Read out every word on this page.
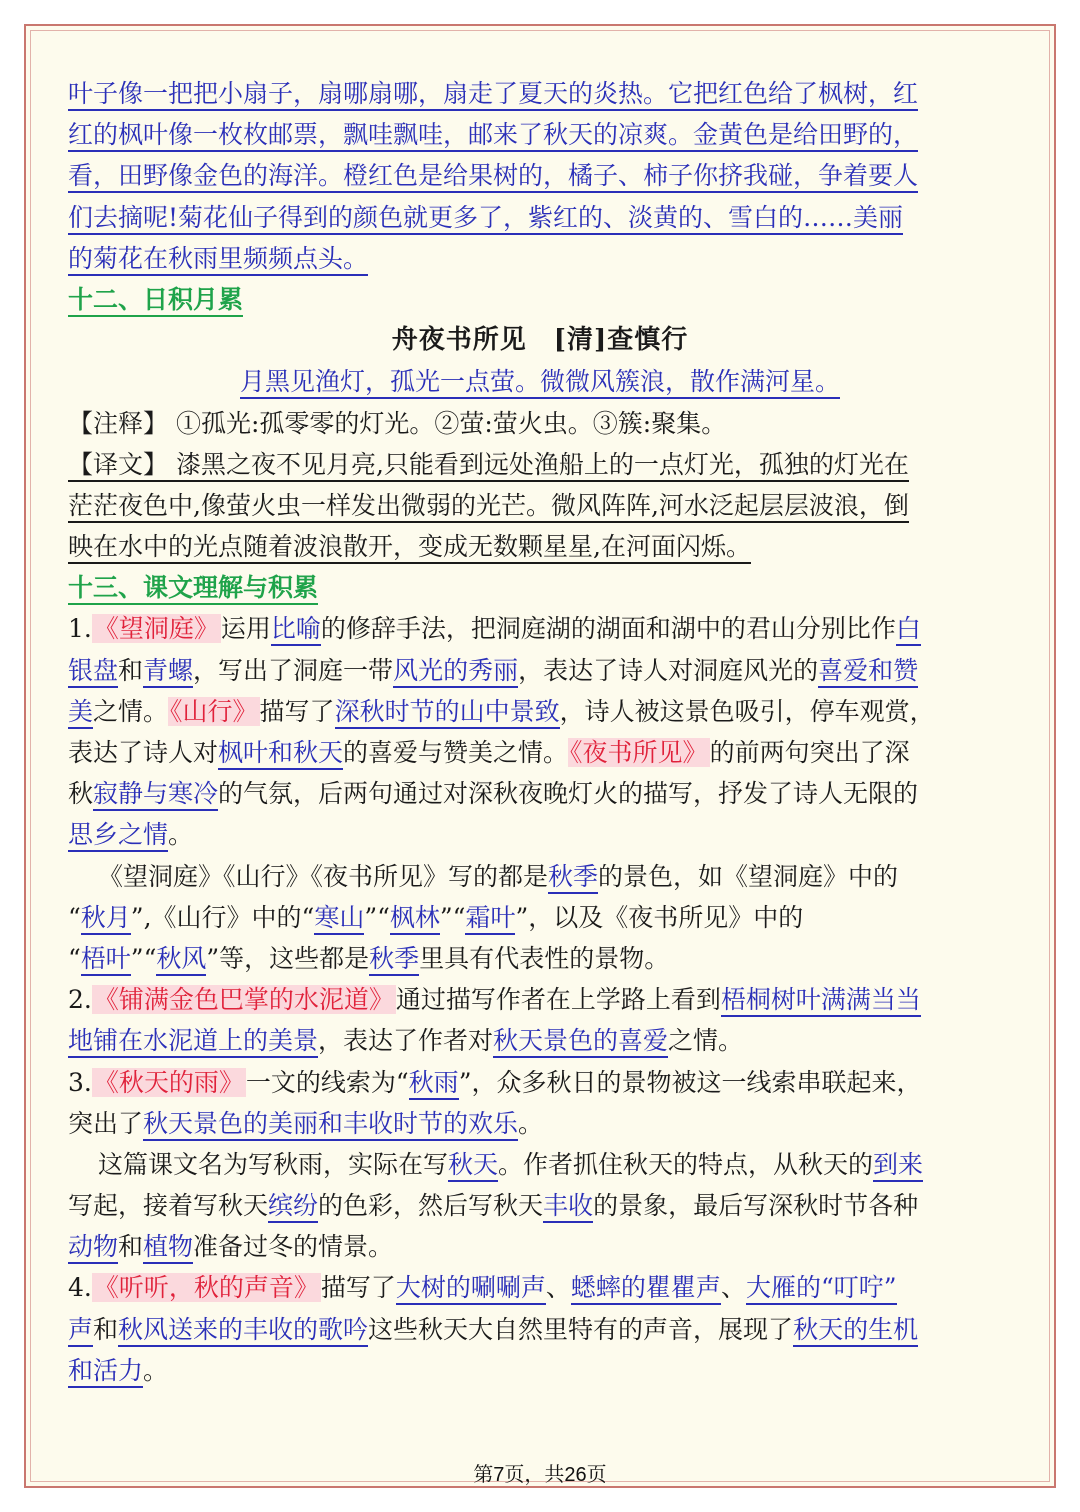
叶子像一把把小扇子，扇哪扇哪，扇走了夏天的炎热。它把红色给了枫树，红
红的枫叶像一枚枚邮票，飘哇飘哇，邮来了秋天的凉爽。金黄色是给田野的，
看，田野像金色的海洋。橙红色是给果树的，橘子、柿子你挤我碰，争着要人
们去摘呢!菊花仙子得到的颜色就更多了，紫红的、淡黄的、雪白的……美丽
的菊花在秋雨里频频点头。
十二、日积月累
舟夜书所见　[清]查慎行
月黑见渔灯，孤光一点萤。微微风簇浪，散作满河星。
【注释】 ①孤光:孤零零的灯光。②萤:萤火虫。③簇:聚集。
【译文】 漆黑之夜不见月亮,只能看到远处渔船上的一点灯光，孤独的灯光在
茫茫夜色中,像萤火虫一样发出微弱的光芒。微风阵阵,河水泛起层层波浪，倒
映在水中的光点随着波浪散开，变成无数颗星星,在河面闪烁。
十三、课文理解与积累
1.《望洞庭》运用比喻的修辞手法，把洞庭湖的湖面和湖中的君山分别比作白
银盘和青螺，写出了洞庭一带风光的秀丽，表达了诗人对洞庭风光的喜爱和赞
美之情。《山行》描写了深秋时节的山中景致，诗人被这景色吸引，停车观赏，
表达了诗人对枫叶和秋天的喜爱与赞美之情。《夜书所见》的前两句突出了深
秋寂静与寒冷的气氛，后两句通过对深秋夜晚灯火的描写，抒发了诗人无限的
思乡之情。
《望洞庭》《山行》《夜书所见》写的都是秋季的景色，如《望洞庭》中的
“秋月”,《山行》中的“寒山”“枫林”“霜叶”，以及《夜书所见》中的
“梧叶”“秋风”等，这些都是秋季里具有代表性的景物。
2.《铺满金色巴掌的水泥道》通过描写作者在上学路上看到梧桐树叶满满当当
地铺在水泥道上的美景，表达了作者对秋天景色的喜爱之情。
3.《秋天的雨》一文的线索为“秋雨”，众多秋日的景物被这一线索串联起来，
突出了秋天景色的美丽和丰收时节的欢乐。
这篇课文名为写秋雨，实际在写秋天。作者抓住秋天的特点，从秋天的到来
写起，接着写秋天缤纷的色彩，然后写秋天丰收的景象，最后写深秋时节各种
动物和植物准备过冬的情景。
4.《听听，秋的声音》描写了大树的唰唰声、蟋蟀的瞿瞿声、大雁的“叮咛”
声和秋风送来的丰收的歌吟这些秋天大自然里特有的声音，展现了秋天的生机
和活力。
第7页，共26页
